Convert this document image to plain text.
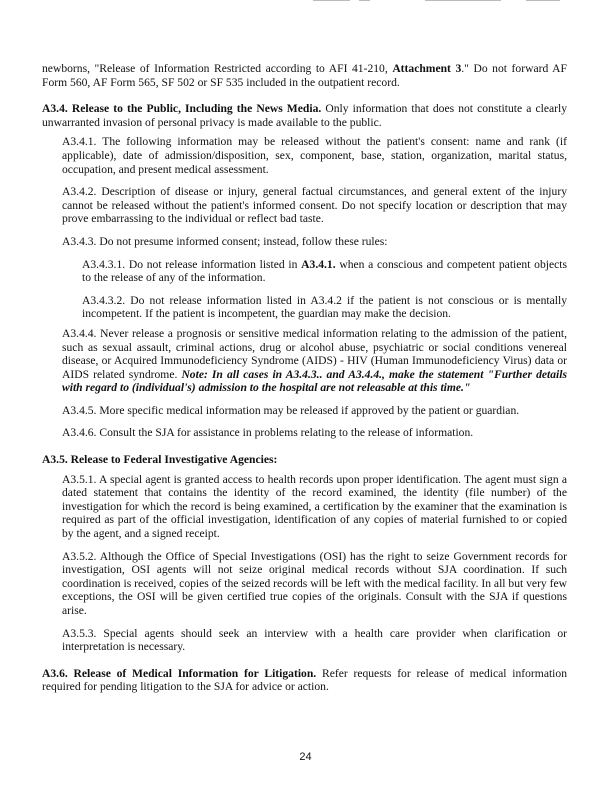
newborns, "Release of Information Restricted according to AFI 41-210, Attachment 3." Do not forward AF Form 560, AF Form 565, SF 502 or SF 535 included in the outpatient record.

A3.4. Release to the Public, Including the News Media. Only information that does not constitute a clearly unwarranted invasion of personal privacy is made available to the public.

A3.4.1. The following information may be released without the patient's consent: name and rank (if applicable), date of admission/disposition, sex, component, base, station, organization, marital status, occupation, and present medical assessment.

A3.4.2. Description of disease or injury, general factual circumstances, and general extent of the injury cannot be released without the patient's informed consent. Do not specify location or description that may prove embarrassing to the individual or reflect bad taste.

A3.4.3. Do not presume informed consent; instead, follow these rules:

A3.4.3.1. Do not release information listed in A3.4.1. when a conscious and competent patient objects to the release of any of the information.

A3.4.3.2. Do not release information listed in A3.4.2 if the patient is not conscious or is mentally incompetent. If the patient is incompetent, the guardian may make the decision.

A3.4.4. Never release a prognosis or sensitive medical information relating to the admission of the patient, such as sexual assault, criminal actions, drug or alcohol abuse, psychiatric or social conditions venereal disease, or Acquired Immunodeficiency Syndrome (AIDS) - HIV (Human Immunodeficiency Virus) data or AIDS related syndrome. Note: In all cases in A3.4.3.. and A3.4.4., make the statement "Further details with regard to (individual's) admission to the hospital are not releasable at this time."

A3.4.5. More specific medical information may be released if approved by the patient or guardian.

A3.4.6. Consult the SJA for assistance in problems relating to the release of information.

A3.5. Release to Federal Investigative Agencies:

A3.5.1. A special agent is granted access to health records upon proper identification. The agent must sign a dated statement that contains the identity of the record examined, the identity (file number) of the investigation for which the record is being examined, a certification by the examiner that the examination is required as part of the official investigation, identification of any copies of material furnished to or copied by the agent, and a signed receipt.

A3.5.2. Although the Office of Special Investigations (OSI) has the right to seize Government records for investigation, OSI agents will not seize original medical records without SJA coordination. If such coordination is received, copies of the seized records will be left with the medical facility. In all but very few exceptions, the OSI will be given certified true copies of the originals. Consult with the SJA if questions arise.

A3.5.3. Special agents should seek an interview with a health care provider when clarification or interpretation is necessary.

A3.6. Release of Medical Information for Litigation. Refer requests for release of medical information required for pending litigation to the SJA for advice or action.

24
